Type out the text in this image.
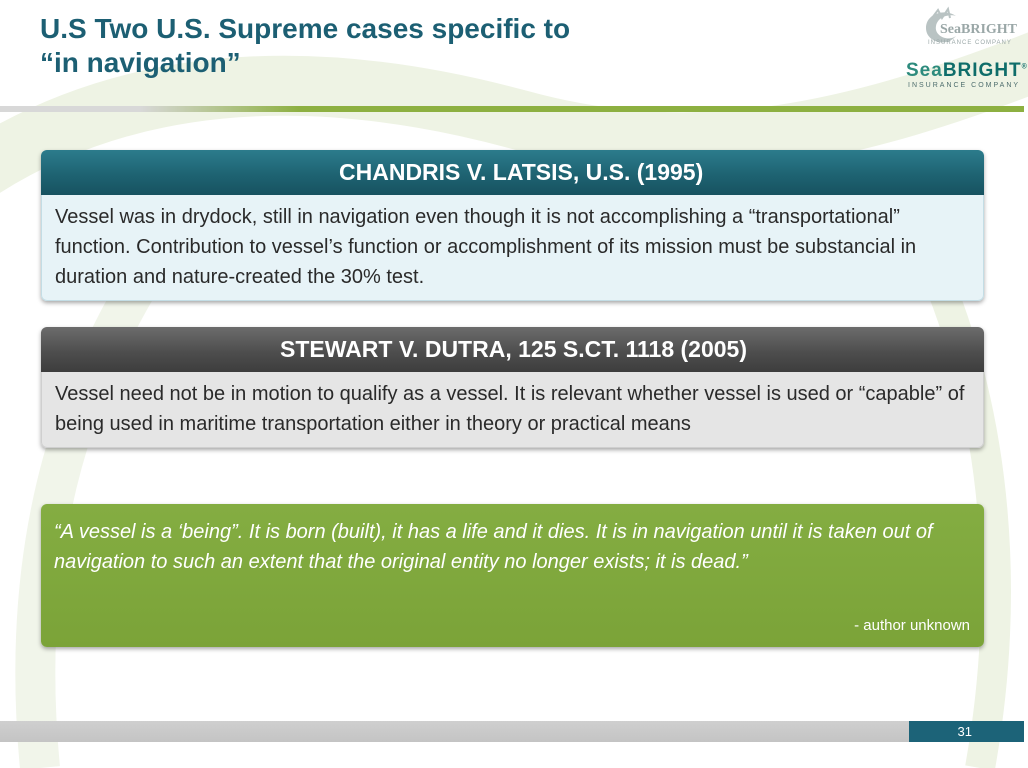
U.S Two U.S. Supreme cases specific to
“in navigation”
SeaBRIGHT
INSURANCE COMPANY
SeaBRIGHT®
INSURANCE COMPANY
CHANDRIS V. LATSIS, U.S. (1995)
Vessel was in drydock, still in navigation even though it is not accomplishing a “transportational” function. Contribution to vessel’s function or accomplishment of its mission must be substancial in duration and nature-created the 30% test.
STEWART V. DUTRA, 125 S.CT. 1118 (2005)
Vessel need not be in motion to qualify as a vessel. It is relevant whether vessel is used or “capable” of being used in maritime transportation either in theory or practical means
“A vessel is a ‘being”. It is born (built), it has a life and it dies. It is in navigation until it is taken out of navigation to such an extent that the original entity no longer exists; it is dead.”
- author unknown
31
